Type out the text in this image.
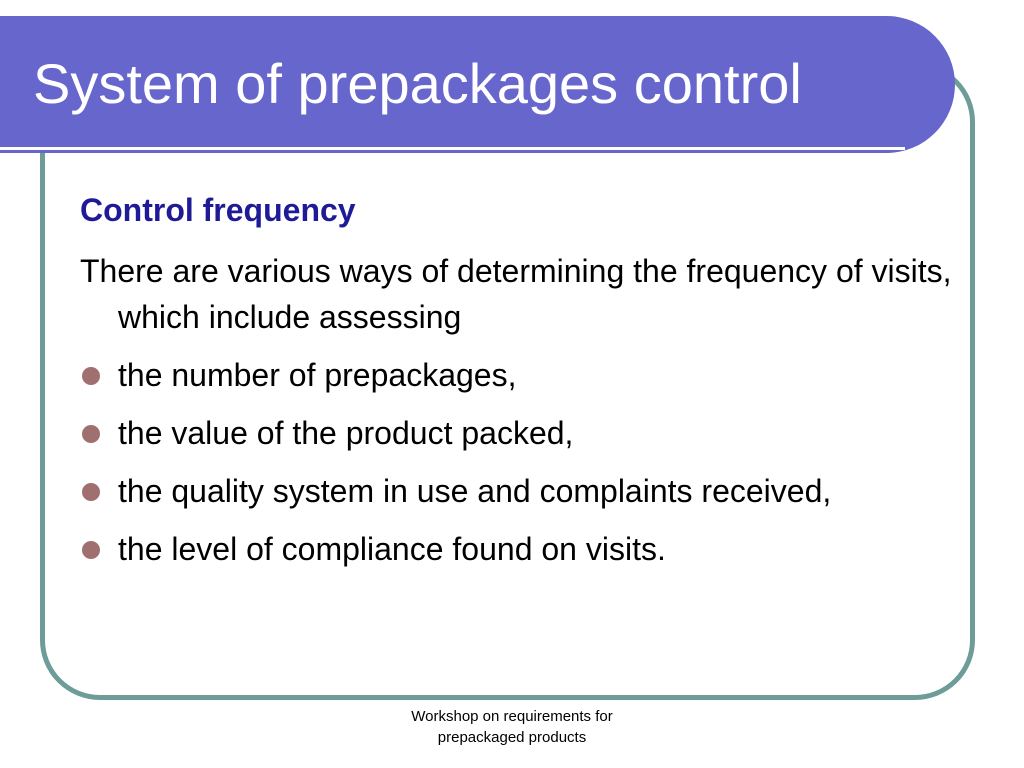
System of prepackages control
Control frequency

There are various ways of determining the frequency of visits, which include assessing

the number of prepackages,
the value of the product packed,
the quality system in use and complaints received,
the level of compliance found on visits.
Workshop on requirements for
prepackaged products
